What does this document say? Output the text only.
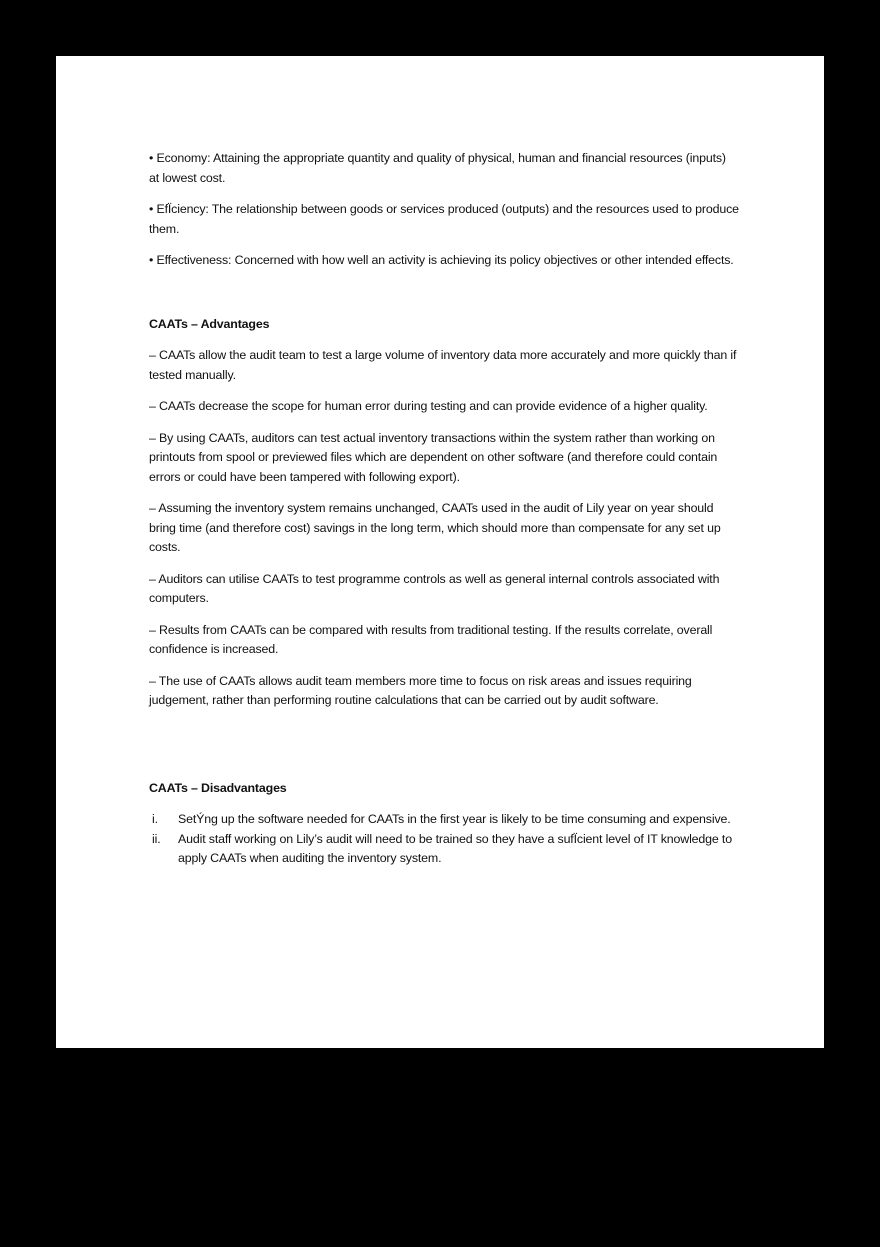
• Economy: Attaining the appropriate quantity and quality of physical, human and financial resources (inputs) at lowest cost.

• EfÏciency: The relationship between goods or services produced (outputs) and the resources used to produce them.

• Effectiveness: Concerned with how well an activity is achieving its policy objectives or other intended effects.

CAATs – Advantages

– CAATs allow the audit team to test a large volume of inventory data more accurately and more quickly than if tested manually.

– CAATs decrease the scope for human error during testing and can provide evidence of a higher quality.

– By using CAATs, auditors can test actual inventory transactions within the system rather than working on printouts from spool or previewed files which are dependent on other software (and therefore could contain errors or could have been tampered with following export).

– Assuming the inventory system remains unchanged, CAATs used in the audit of Lily year on year should bring time (and therefore cost) savings in the long term, which should more than compensate for any set up costs.

– Auditors can utilise CAATs to test programme controls as well as general internal controls associated with computers.

– Results from CAATs can be compared with results from traditional testing. If the results correlate, overall confidence is increased.

– The use of CAATs allows audit team members more time to focus on risk areas and issues requiring judgement, rather than performing routine calculations that can be carried out by audit software.

CAATs – Disadvantages

i. SetÝng up the software needed for CAATs in the first year is likely to be time consuming and expensive.
ii. Audit staff working on Lily’s audit will need to be trained so they have a sufÏcient level of IT knowledge to apply CAATs when auditing the inventory system.
